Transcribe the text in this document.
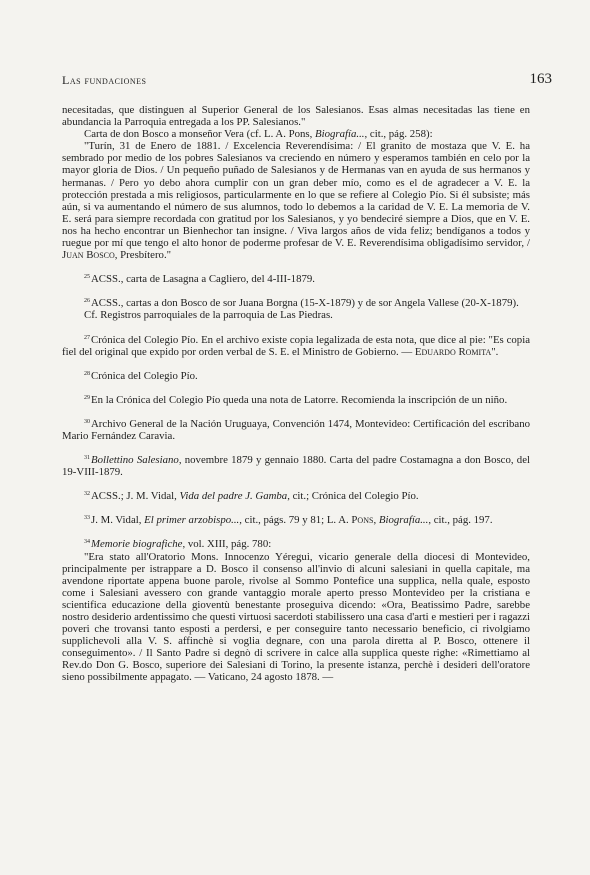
Las fundaciones	163

necesitadas, que distinguen al Superior General de los Salesianos. Esas almas necesitadas las tiene en abundancia la Parroquia entregada a los PP. Salesianos."

Carta de don Bosco a monseñor Vera (cf. L. A. Pons, Biografía..., cit., pág. 258):

"Turín, 31 de Enero de 1881. / Excelencia Reverendísima: / El granito de mostaza que V. E. ha sembrado por medio de los pobres Salesianos va creciendo en número y esperamos también en celo por la mayor gloria de Dios. / Un pequeño puñado de Salesianos y de Hermanas van en ayuda de sus hermanos y hermanas. / Pero yo debo ahora cumplir con un gran deber mío, como es el de agradecer a V. E. la protección prestada a mis religiosos, particularmente en lo que se refiere al Colegio Pío. Si él subsiste; más aún, si va aumentando el número de sus alumnos, todo lo debemos a la caridad de V. E. La memoria de V. E. será para siempre recordada con gratitud por los Salesianos, y yo bendeciré siempre a Dios, que en V. E. nos ha hecho encontrar un Bienhechor tan insigne. / Viva largos años de vida feliz; bendíganos a todos y ruegue por mí que tengo el alto honor de poderme profesar de V. E. Reverendísima obligadísimo servidor, / Juan Bosco, Presbítero."

$^{25}$ACSS., carta de Lasagna a Cagliero, del 4-III-1879.

$^{26}$ACSS., cartas a don Bosco de sor Juana Borgna (15-X-1879) y de sor Angela Vallese (20-X-1879).

Cf. Registros parroquiales de la parroquia de Las Piedras.

$^{27}$Crónica del Colegio Pío. En el archivo existe copia legalizada de esta nota, que dice al pie: "Es copia fiel del original que expido por orden verbal de S. E. el Ministro de Gobierno. — Eduardo Romita".

$^{28}$Crónica del Colegio Pío.

$^{29}$En la Crónica del Colegio Pío queda una nota de Latorre. Recomienda la inscripción de un niño.

$^{30}$Archivo General de la Nación Uruguaya, Convención 1474, Montevideo: Certificación del escribano Mario Fernández Caravia.

$^{31}$Bollettino Salesiano, novembre 1879 y gennaio 1880. Carta del padre Costamagna a don Bosco, del 19-VIII-1879.

$^{32}$ACSS.; J. M. Vidal, Vida del padre J. Gamba, cit.; Crónica del Colegio Pío.

$^{33}$J. M. Vidal, El primer arzobispo..., cit., págs. 79 y 81; L. A. Pons, Biografía..., cit., pág. 197.

$^{34}$Memorie biografiche, vol. XIII, pág. 780:

"Era stato all'Oratorio Mons. Innocenzo Yéregui, vicario generale della diocesi di Montevideo, principalmente per istrappare a D. Bosco il consenso all'invio di alcuni salesiani in quella capitale, ma avendone riportate appena buone parole, rivolse al Sommo Pontefice una supplica, nella quale, esposto come i Salesiani avessero con grande vantaggio morale aperto presso Montevideo per la cristiana e scientifica educazione della gioventù benestante proseguiva dicendo: «Ora, Beatissimo Padre, sarebbe nostro desiderio ardentissimo che questi virtuosi sacerdoti stabilissero una casa d'arti e mestieri per i ragazzi poveri che trovansi tanto esposti a perdersi, e per conseguire tanto necessario beneficio, ci rivolgiamo supplichevoli alla V. S. affinchè si voglia degnare, con una parola diretta al P. Bosco, ottenere il conseguimento». / Il Santo Padre si degnò di scrivere in calce alla supplica queste righe: «Rimettiamo al Rev.do Don G. Bosco, superiore dei Salesiani di Torino, la presente istanza, perchè i desideri dell'oratore sieno possibilmente appagato. — Vaticano, 24 agosto 1878. —
